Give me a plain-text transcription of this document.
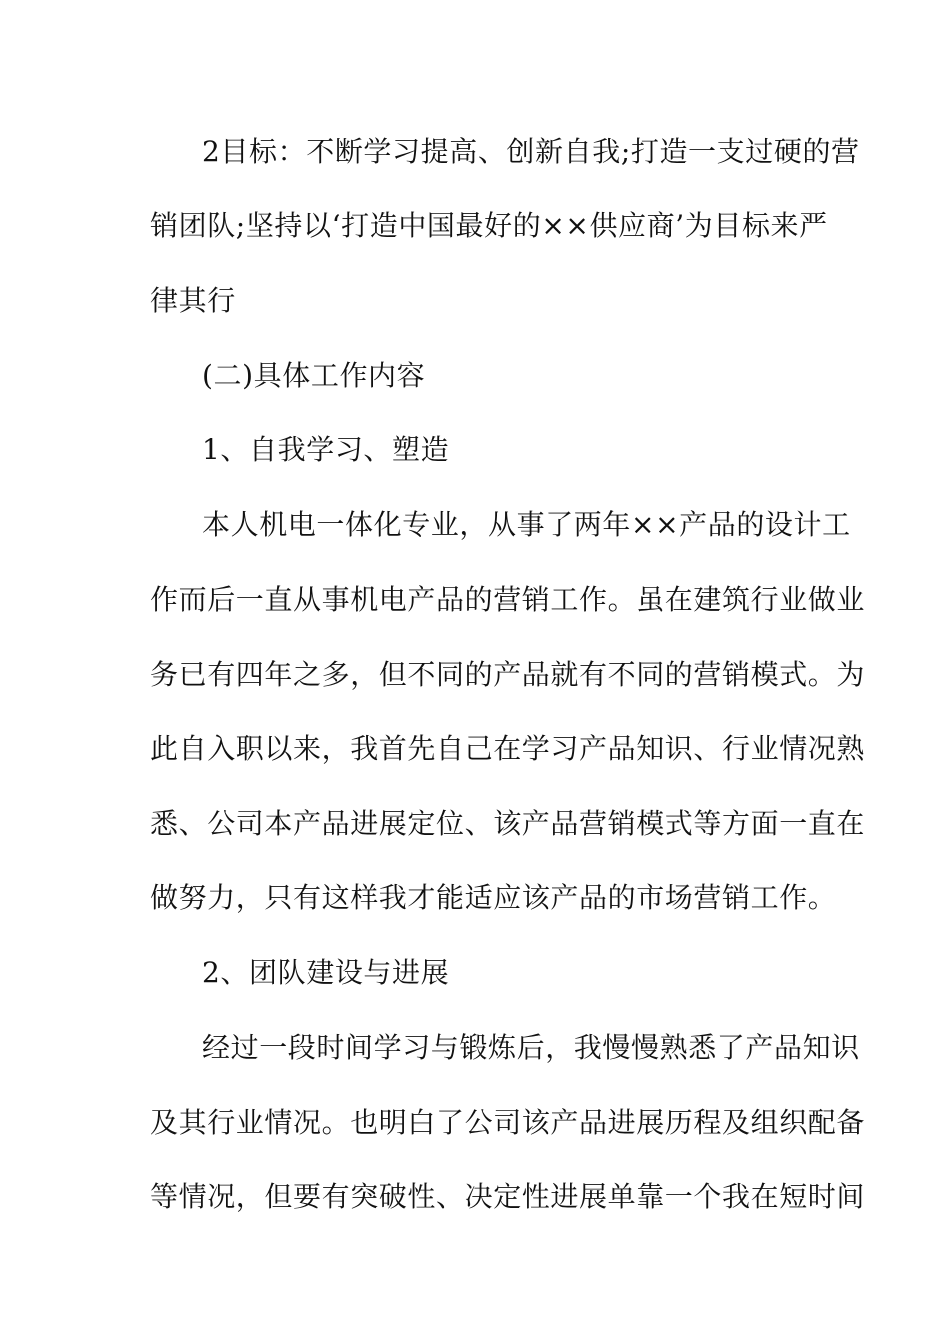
2目标：不断学习提高、创新自我;打造一支过硬的营
销团队;坚持以‘打造中国最好的××供应商’为目标来严
律其行
(二)具体工作内容
1、自我学习、塑造
本人机电一体化专业，从事了两年××产品的设计工
作而后一直从事机电产品的营销工作。虽在建筑行业做业
务已有四年之多，但不同的产品就有不同的营销模式。为
此自入职以来，我首先自己在学习产品知识、行业情况熟
悉、公司本产品进展定位、该产品营销模式等方面一直在
做努力，只有这样我才能适应该产品的市场营销工作。
2、团队建设与进展
经过一段时间学习与锻炼后，我慢慢熟悉了产品知识
及其行业情况。也明白了公司该产品进展历程及组织配备
等情况，但要有突破性、决定性进展单靠一个我在短时间
